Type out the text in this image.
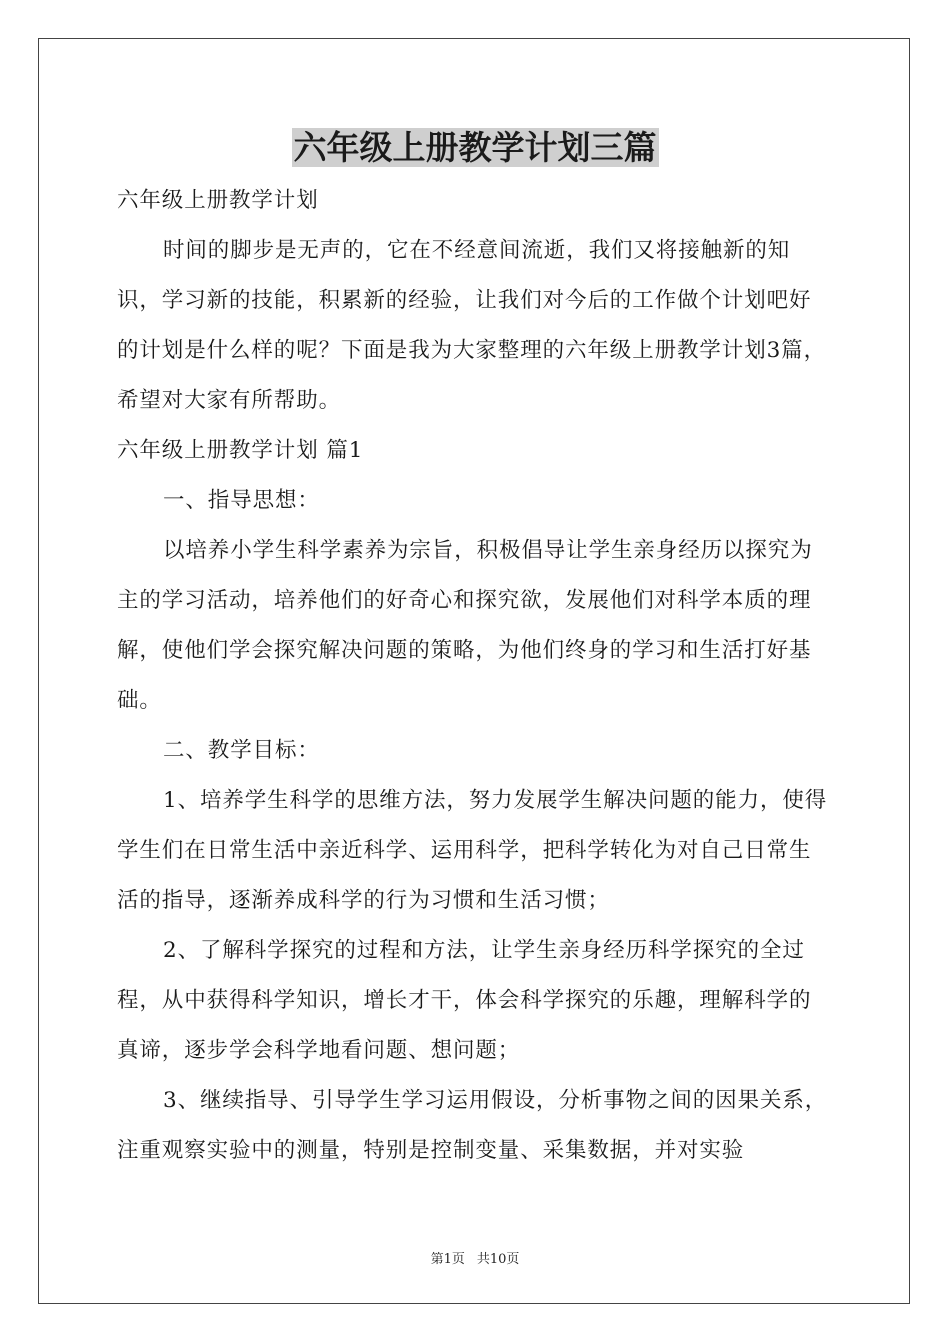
六年级上册教学计划三篇

六年级上册教学计划

时间的脚步是无声的，它在不经意间流逝，我们又将接触新的知识，学习新的技能，积累新的经验，让我们对今后的工作做个计划吧好的计划是什么样的呢？下面是我为大家整理的六年级上册教学计划3篇，希望对大家有所帮助。

六年级上册教学计划 篇1

一、指导思想：

以培养小学生科学素养为宗旨，积极倡导让学生亲身经历以探究为主的学习活动，培养他们的好奇心和探究欲，发展他们对科学本质的理解，使他们学会探究解决问题的策略，为他们终身的学习和生活打好基础。

二、教学目标：

1、培养学生科学的思维方法，努力发展学生解决问题的能力，使得学生们在日常生活中亲近科学、运用科学，把科学转化为对自己日常生活的指导，逐渐养成科学的行为习惯和生活习惯；

2、了解科学探究的过程和方法，让学生亲身经历科学探究的全过程，从中获得科学知识，增长才干，体会科学探究的乐趣，理解科学的真谛，逐步学会科学地看问题、想问题；

3、继续指导、引导学生学习运用假设，分析事物之间的因果关系，注重观察实验中的测量，特别是控制变量、采集数据，并对实验

第1页 共10页
